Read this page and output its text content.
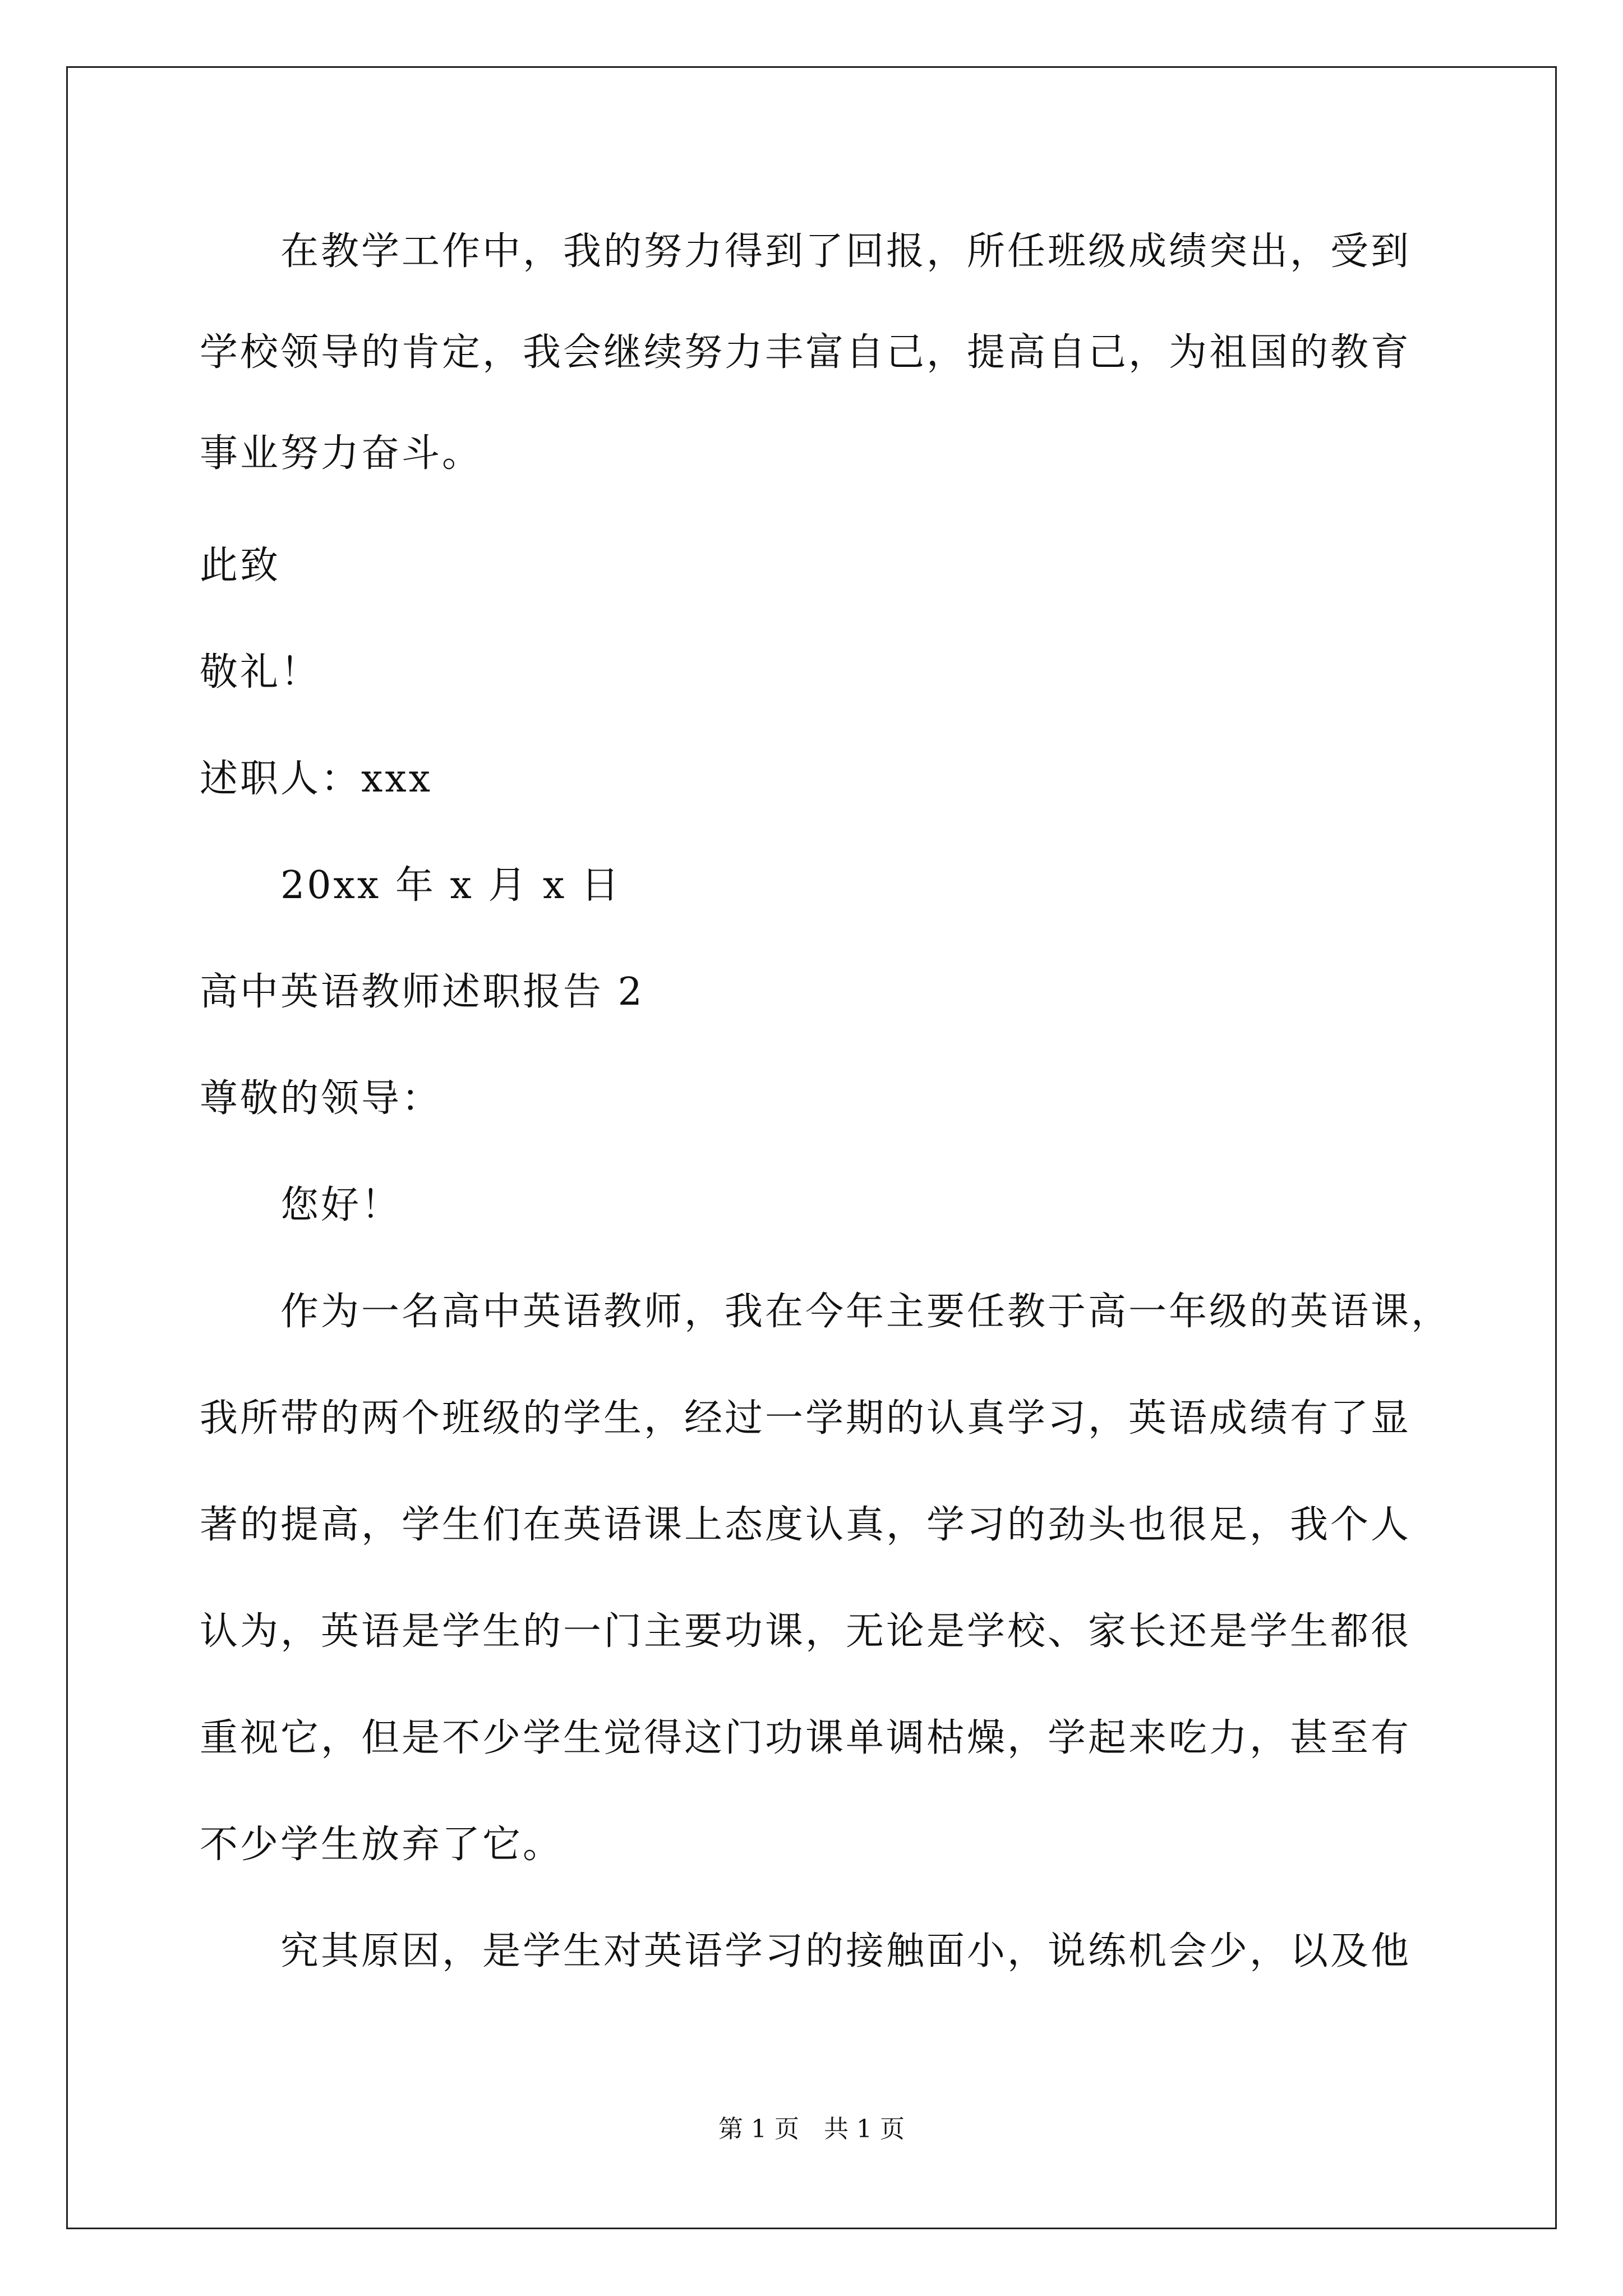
在教学工作中，我的努力得到了回报，所任班级成绩突出，受到
学校领导的肯定，我会继续努力丰富自己，提高自己，为祖国的教育
事业努力奋斗。
此致
敬礼！
述职人：xxx
20xx 年 x 月 x 日
高中英语教师述职报告 2
尊敬的领导：
您好！
作为一名高中英语教师，我在今年主要任教于高一年级的英语课，
我所带的两个班级的学生，经过一学期的认真学习，英语成绩有了显
著的提高，学生们在英语课上态度认真，学习的劲头也很足，我个人
认为，英语是学生的一门主要功课，无论是学校、家长还是学生都很
重视它，但是不少学生觉得这门功课单调枯燥，学起来吃力，甚至有
不少学生放弃了它。
究其原因，是学生对英语学习的接触面小，说练机会少，以及他
第 1 页　共 1 页
